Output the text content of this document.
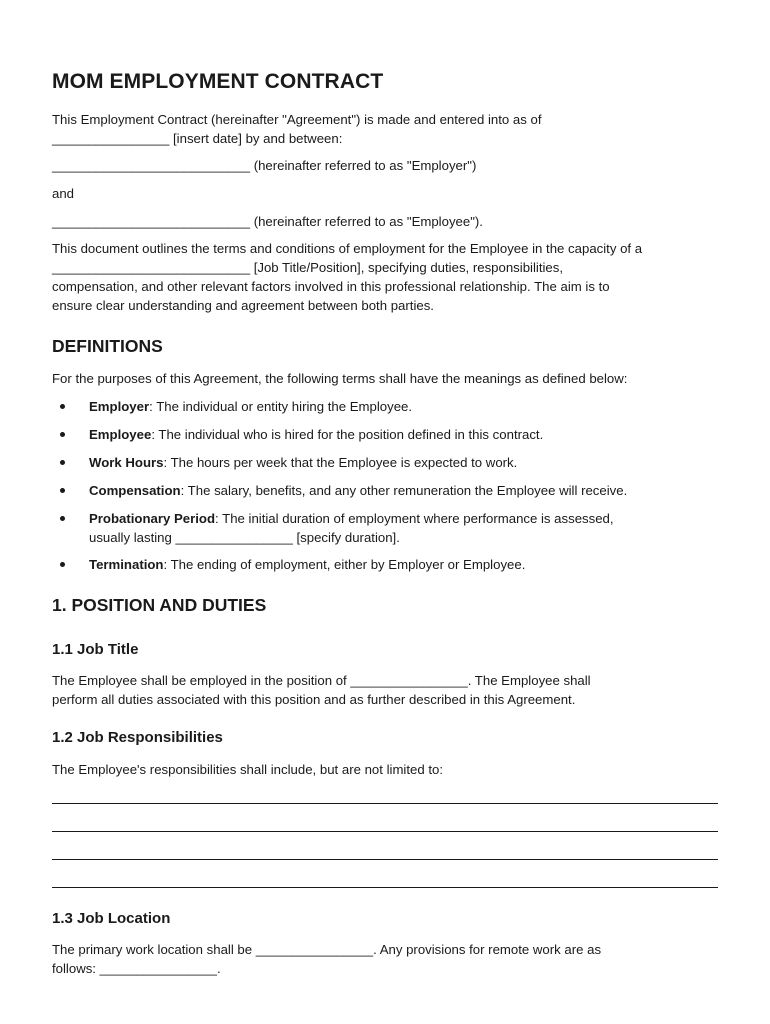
MOM EMPLOYMENT CONTRACT
This Employment Contract (hereinafter "Agreement") is made and entered into as of
________________ [insert date] by and between:
___________________________ (hereinafter referred to as "Employer")
and
___________________________ (hereinafter referred to as "Employee").
This document outlines the terms and conditions of employment for the Employee in the capacity of a
___________________________ [Job Title/Position], specifying duties, responsibilities,
compensation, and other relevant factors involved in this professional relationship. The aim is to
ensure clear understanding and agreement between both parties.
DEFINITIONS
For the purposes of this Agreement, the following terms shall have the meanings as defined below:
Employer: The individual or entity hiring the Employee.
Employee: The individual who is hired for the position defined in this contract.
Work Hours: The hours per week that the Employee is expected to work.
Compensation: The salary, benefits, and any other remuneration the Employee will receive.
Probationary Period: The initial duration of employment where performance is assessed,
usually lasting ________________ [specify duration].
Termination: The ending of employment, either by Employer or Employee.
1. POSITION AND DUTIES
1.1 Job Title
The Employee shall be employed in the position of ________________. The Employee shall
perform all duties associated with this position and as further described in this Agreement.
1.2 Job Responsibilities
The Employee's responsibilities shall include, but are not limited to:
1.3 Job Location
The primary work location shall be ________________. Any provisions for remote work are as
follows: ________________.
